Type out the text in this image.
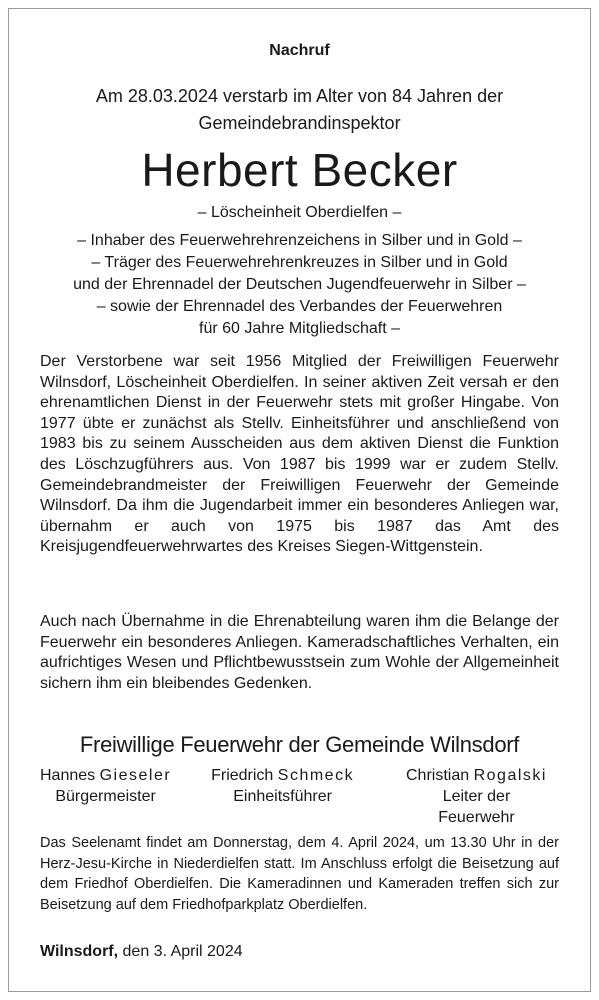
Nachruf
Am 28.03.2024 verstarb im Alter von 84 Jahren der
Gemeindebrandinspektor
Herbert Becker
– Löscheinheit Oberdielfen –
– Inhaber des Feuerwehrehrenzeichens in Silber und in Gold –
– Träger des Feuerwehrehrenkreuzes in Silber und in Gold
und der Ehrennadel der Deutschen Jugendfeuerwehr in Silber –
– sowie der Ehrennadel des Verbandes der Feuerwehren
für 60 Jahre Mitgliedschaft –
Der Verstorbene war seit 1956 Mitglied der Freiwilligen Feuerwehr Wilnsdorf, Löscheinheit Oberdielfen. In seiner aktiven Zeit versah er den ehrenamtlichen Dienst in der Feuerwehr stets mit großer Hingabe. Von 1977 übte er zunächst als Stellv. Einheitsführer und anschließend von 1983 bis zu seinem Ausscheiden aus dem aktiven Dienst die Funktion des Löschzugführers aus. Von 1987 bis 1999 war er zudem Stellv. Gemeindebrandmeister der Freiwilligen Feuerwehr der Gemeinde Wilnsdorf. Da ihm die Jugendarbeit immer ein besonderes Anliegen war, übernahm er auch von 1975 bis 1987 das Amt des Kreisjugendfeuerwehrwartes des Kreises Siegen-Wittgenstein.
Auch nach Übernahme in die Ehrenabteilung waren ihm die Belange der Feuerwehr ein besonderes Anliegen. Kameradschaftliches Verhalten, ein aufrichtiges Wesen und Pflichtbewusstsein zum Wohle der Allgemeinheit sichern ihm ein bleibendes Gedenken.
Freiwillige Feuerwehr der Gemeinde Wilnsdorf
Hannes Gieseler
Bürgermeister
Friedrich Schmeck
Einheitsführer
Christian Rogalski
Leiter der Feuerwehr
Das Seelenamt findet am Donnerstag, dem 4. April 2024, um 13.30 Uhr in der Herz-Jesu-Kirche in Niederdielfen statt. Im Anschluss erfolgt die Beisetzung auf dem Friedhof Oberdielfen. Die Kameradinnen und Kameraden treffen sich zur Beisetzung auf dem Friedhofparkplatz Oberdielfen.
Wilnsdorf, den 3. April 2024
